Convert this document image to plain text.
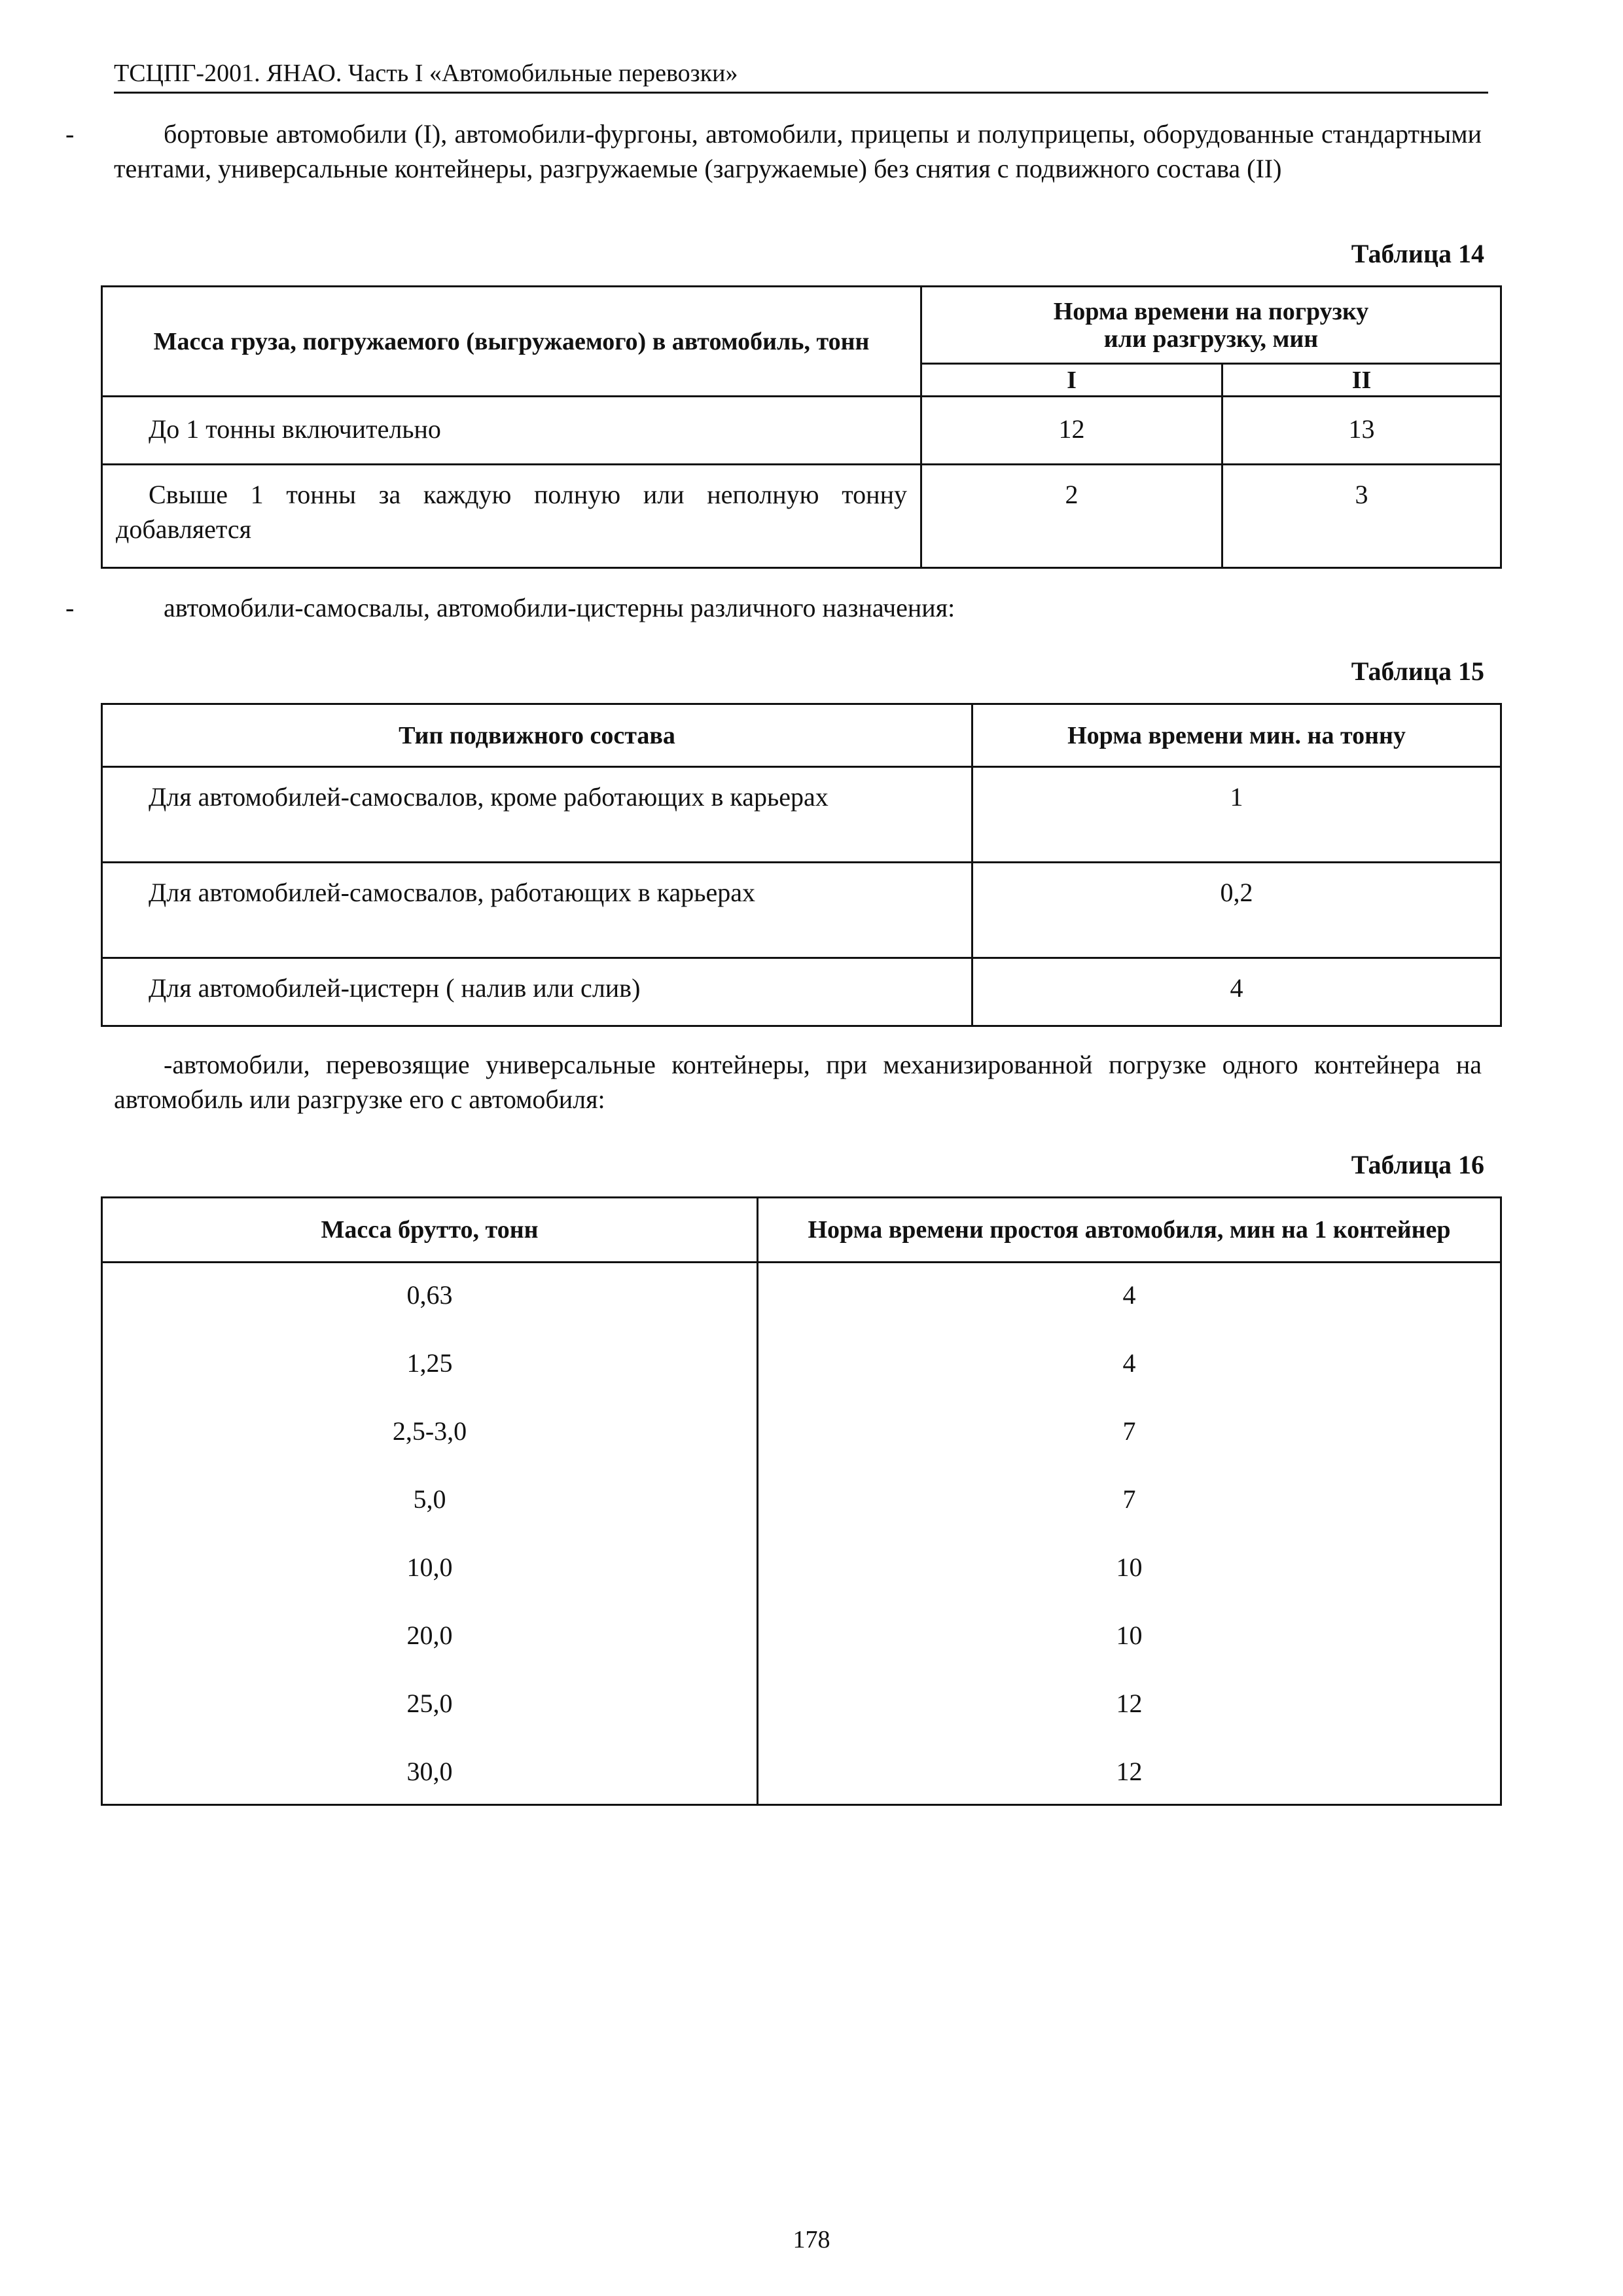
ТСЦПГ-2001. ЯНАО. Часть I «Автомобильные перевозки»
-	бортовые автомобили (I), автомобили-фургоны, автомобили, прицепы и полуприцепы, оборудованные стандартными тентами, универсальные контейнеры, разгружаемые (загружаемые) без снятия с подвижного состава (II)
Таблица 14
Масса груза, погружаемого (выгружаемого) в автомобиль, тонн	Норма времени на погрузку или разгрузку, мин	
	I	II

До 1 тонны включительно	12	13

Свыше 1 тонны за каждую полную или неполную тонну добавляется	2	3
-	автомобили-самосвалы, автомобили-цистерны различного назначения:
Таблица 15
Тип подвижного состава	Норма времени мин. на тонну

Для автомобилей-самосвалов, кроме работающих в карьерах	1

Для автомобилей-самосвалов, работающих в карьерах	0,2

Для автомобилей-цистерн ( налив или слив)	4
-автомобили, перевозящие универсальные контейнеры, при механизированной погрузке одного контейнера на автомобиль или разгрузке его с автомобиля:
Таблица 16
Масса брутто, тонн	Норма времени простоя автомобиля, мин на 1 контейнер
0,63	4
1,25	4
2,5-3,0	7
5,0	7
10,0	10
20,0	10
25,0	12
30,0	12
178
